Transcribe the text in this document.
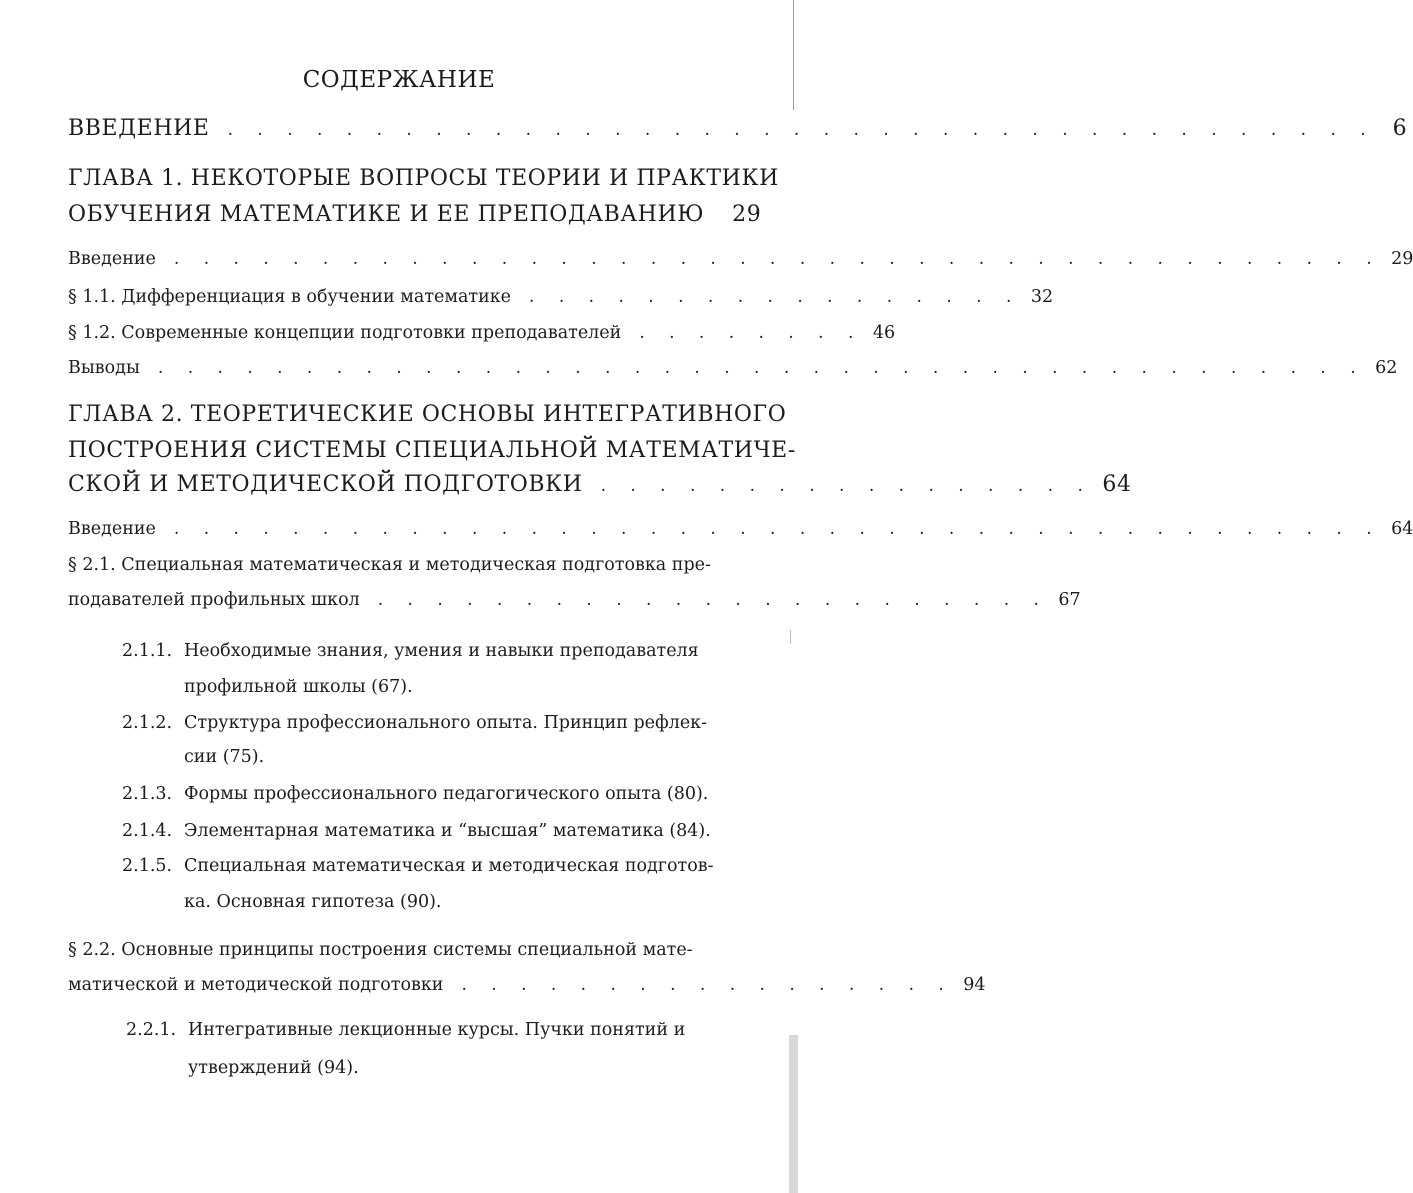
СОДЕРЖАНИЕ
ВВЕДЕНИЕ . . . . . . . . . . . . . . . . . . . . . . . . . . . . . . . . . . . . . . . 6
ГЛАВА 1. НЕКОТОРЫЕ ВОПРОСЫ ТЕОРИИ И ПРАКТИКИ
ОБУЧЕНИЯ МАТЕМАТИКЕ И ЕЕ ПРЕПОДАВАНИЮ 29
Введение . . . . . . . . . . . . . . . . . . . . . . . . . . . . . . . . . . . . . . . . . 29
§ 1.1. Дифференциация в обучении математике . . . . . . . . . . . . . . . . . 32
§ 1.2. Современные концепции подготовки преподавателей . . . . . . . . 46
Выводы . . . . . . . . . . . . . . . . . . . . . . . . . . . . . . . . . . . . . . . . . 62
ГЛАВА 2. ТЕОРЕТИЧЕСКИЕ ОСНОВЫ ИНТЕГРАТИВНОГО
ПОСТРОЕНИЯ СИСТЕМЫ СПЕЦИАЛЬНОЙ МАТЕМАТИЧЕ-
СКОЙ И МЕТОДИЧЕСКОЙ ПОДГОТОВКИ . . . . . . . . . . . . . . . . . 64
Введение . . . . . . . . . . . . . . . . . . . . . . . . . . . . . . . . . . . . . . . . . 64
§ 2.1. Специальная математическая и методическая подготовка пре-
подавателей профильных школ . . . . . . . . . . . . . . . . . . . . . . . 67
2.1.1. Необходимые знания, умения и навыки преподавателя
профильной школы (67).
2.1.2. Структура профессионального опыта. Принцип рефлек-
сии (75).
2.1.3. Формы профессионального педагогического опыта (80).
2.1.4. Элементарная математика и “высшая” математика (84).
2.1.5. Специальная математическая и методическая подготов-
ка. Основная гипотеза (90).
§ 2.2. Основные принципы построения системы специальной мате-
матической и методической подготовки . . . . . . . . . . . . . . . . . 94
2.2.1. Интегративные лекционные курсы. Пучки понятий и
утверждений (94).
